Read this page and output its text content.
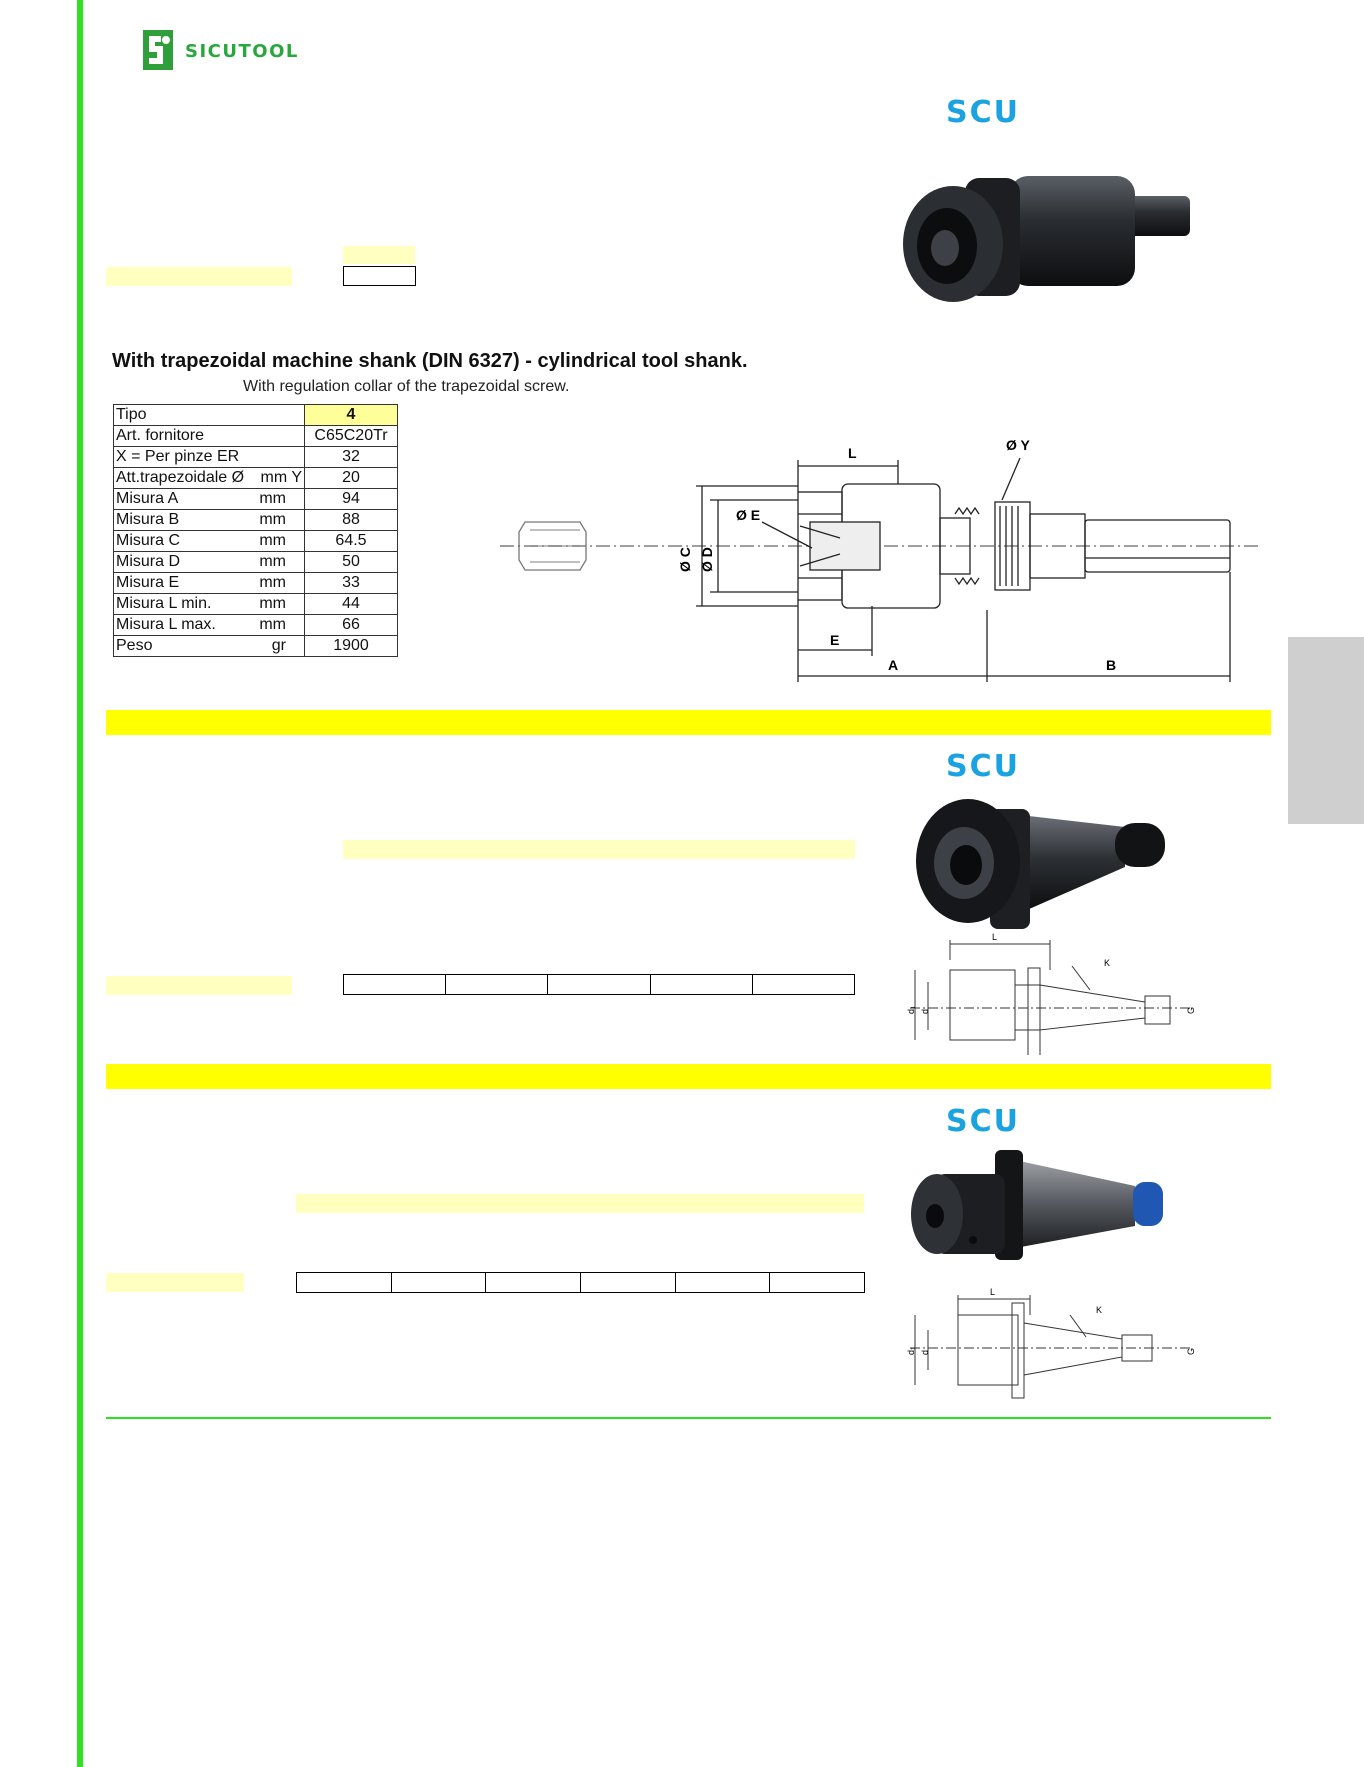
SICUTOOL
SCU
SCU
SCU
With trapezoidal machine shank (DIN 6327) - cylindrical tool shank.
With regulation collar of the trapezoidal screw.
Tipo	4
Art. fornitore	C65C20Tr
X = Per pinze ER	32
Att.trapezoidale Ø mm Y	20
Misura A mm	94
Misura B mm	88
Misura C mm	64.5
Misura D mm	50
Misura E mm	33
Misura L min. mm	44
Misura L max. mm	66
Peso gr	1900
L	Ø Y
Ø E
Ø C Ø D
E
A	B
L
K
d₁ d	G
L
K
d₁ d	G
